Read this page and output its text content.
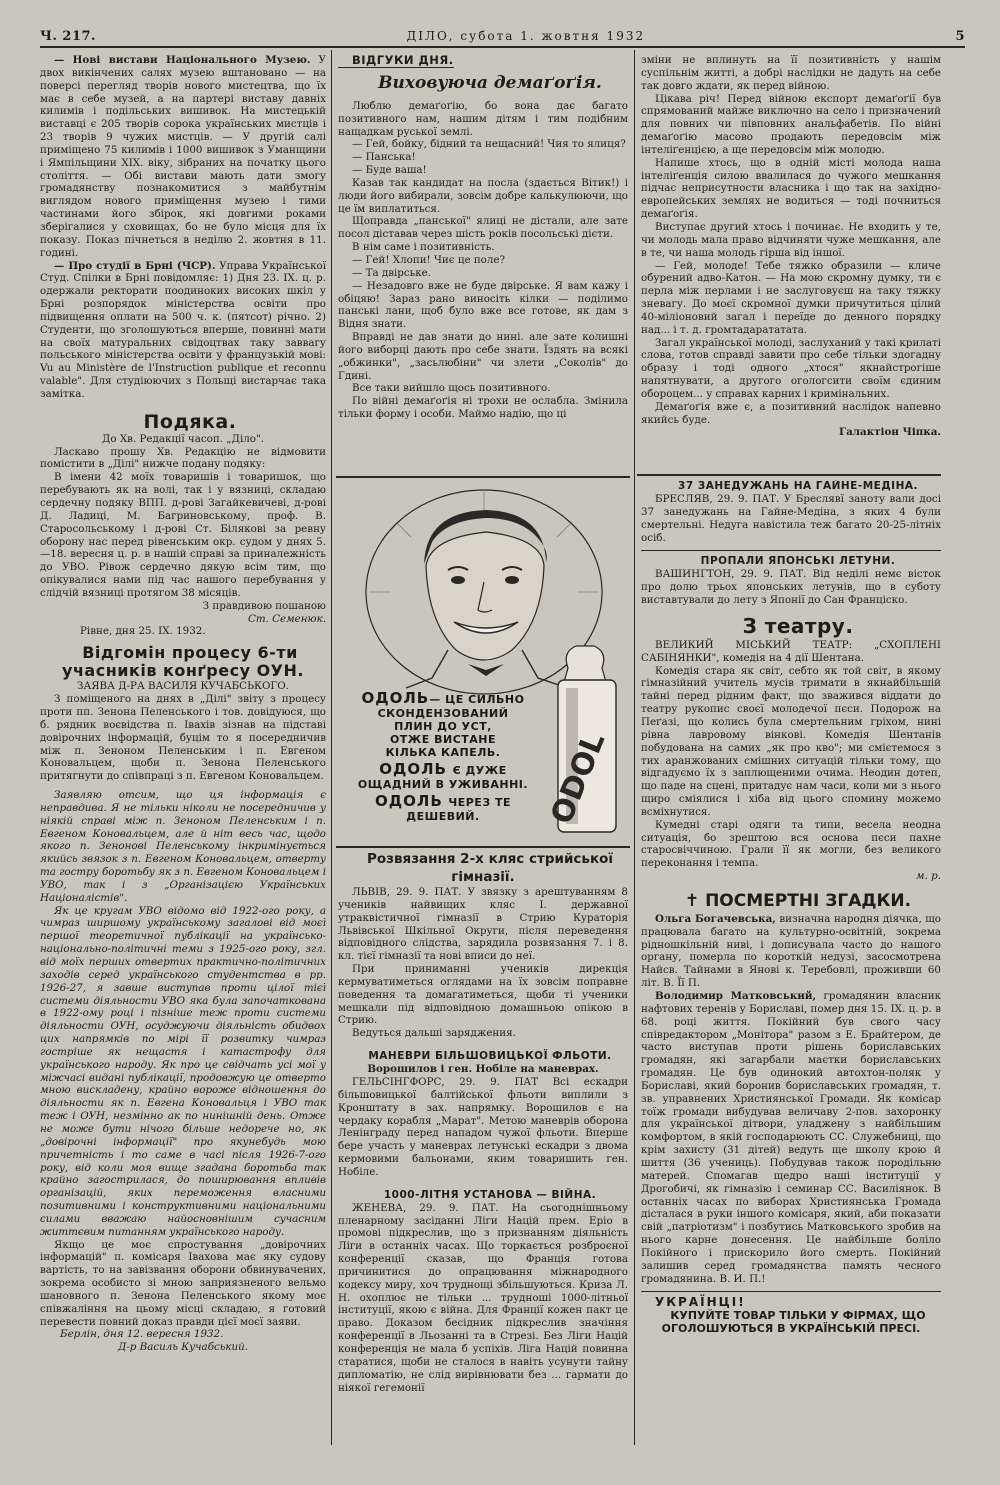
Ч. 217.	ДІЛО, субота 1. жовтня 1932	5

— Нові вистави Національного Музею. У двох викінчених салях музею вштановано — на поверсі перегляд творів нового мистецтва, що їх має в себе музей, а на партері виставу давніх килимів і подільських вишивок. На мистецькій виставці є 205 творів сорока українських мистців і 23 творів 9 чужих мистців. — У другій салі приміщено 75 килимів і 1000 вишивок з Уманщини і Ямпільщини XIX. віку, зібраних на початку цього століття. — Обі вистави мають дати змогу громадянству познакомитися з майбутнім виглядом нового приміщення музею і тими частинами його збірок, які довгими роками зберігалися у сховищах, бо не було місця для їх показу. Показ пічнеться в неділю 2. жовтня в 11. годині.

— Про студії в Брні (ЧСР). Управа Української Студ. Спілки в Брні повідомляє: 1) Дня 23. IX. ц. р. одержали ректорати поодиноких високих шкіл у Брні розпорядок міністерства освіти про підвищення оплати на 500 ч. к. (пятсот) річно. 2) Студенти, що зголошуються вперше, повинні мати на своїх матуральних свідоцтвах таку заввагу польського міністерства освіти у французькій мові: Vu au Ministère de l'Instruction publique et reconnu valable". Для студіюючих з Польщі вистарчає така замітка.

Подяка.

До Хв. Редакції часоп. „Діло".

Ласкаво прошу Хв. Редакцію не відмовити помістити в „Ділі" нижче подану подяку:

В імени 42 моїх товаришів і товаришок, що перебувають як на волі, так і у вязниці, складаю сердечну подяку ВПП. д-рові Загайкевичеві, д-рові Д. Ладиці, М. Багриновському, проф. В. Старосольському і д-рові Ст. Білякові за ревну оборону нас перед рівенським окр. судом у днях 5.—18. вересня ц. р. в нашій справі за приналежність до УВО. Рівож сердечно дякую всім тим, що опікувалися нами під час нашого перебування у слідчій вязниці протягом 38 місяців.

З правдивою пошаною

Ст. Семенюк.

Рівне, дня 25. IX. 1932.

Відгомін процесу 6-ти учасників конґресу ОУН.

ЗАЯВА Д-РА ВАСИЛЯ КУЧАБСЬКОГО.

З поміщеного на днях в „Ділі" звіту з процесу проти пп. Зенона Пеленського і тов. довідуюся, що б. рядник воєвідства п. Івахів зізнав на підставі довірочних інформацій, буцім то я посередничив між п. Зеноном Пеленським і п. Евгеном Коновальцем, щоби п. Зенона Пеленського притягнути до співпраці з п. Евгеном Коновальцем.

Заявляю отсим, що ця інформація є неправдива. Я не тільки ніколи не посередничив у ніякій справі між п. Зеноном Пеленським і п. Евгеном Коновальцем, але й ніт весь час, щодо якого п. Зенонові Пеленському інкримінується якийсь звязок з п. Евгеном Коновальцем, отверту та гостру боротьбу як з п. Евгеном Коновальцем і УВО, так і з „Організацією Українських Націоналістів".

Як це кругам УВО відомо від 1922-ого року, а чимраз ширшому українському загалові від моєї першої теоретичної публікації на українсько-національно-політичні теми з 1925-ого року, згл. від моїх перших отвертих практично-політичних заходів серед українського студентства в рр. 1926-27, я завше виступав проти цілої тієї системи діяльности УВО яка була започаткована в 1922-ому році і пізніше теж проти системи діяльности ОУН, осуджуючи діяльність обидвох цих напрямків по мірі її розвитку чимраз гостріше як нещастя і катастрофу для українського народу. Як про це свідчать усі мої у міжчасі видані публікації, продовжую це отверто мною вискладену, крайно вороже відношення до діяльности як п. Евгена Коновальця і УВО так теж і ОУН, незмінно ак по нинішній день. Отже не може бути нічого більше недорече но, як „довірочні інформації" про якунебудь мою причетність і то саме в часі після 1926-7-ого року, від коли моя вище згадана боротьба так крайно загострилася, до поширювання впливів організацій, яких переможення власними позитивними і конструктивними національними силами вважаю найосновнішим сучасним життєвим питанням українського народу.

Якщо це моє спростування „довірочних інформацій" п. комісаря Івахова має яку судову вартість, то на завізвання оборони обвинувачених, зокрема особисто зі мною заприязненого вельмо шановного п. Зенона Пеленського якому моє співжаління на цьому місці складаю, я готовий перевести повний доказ правди цієї моєї заяви.

Берлін, дня 12. вересня 1932.

Д-р Василь Кучабський.

ВІДГУКИ ДНЯ.

Виховуюча демаґоґія.

Люблю демаґоґію, бо вона дає багато позитивного нам, нашим дітям і тим подібним нащадкам руської землі.

— Гей, бойку, бідний та нещасний! Чия то ялиця?

— Панська!

— Буде ваша!

Казав так кандидат на посла (здається Вітик!) і люди його вибирали, зовсім добре калькулюючи, що це їм виплатиться.

Щоправда „панської" ялиці не дістали, але зате посол діставав через шість років посольські дієти.

В нім саме і позитивність.

— Гей! Хлопи! Чиє це поле?

— Та двірське.

— Незадовго вже не буде двірське. Я вам кажу і обіцяю! Зараз рано виносіть кілки — поділимо панські лани, щоб було вже все готове, як дам з Відня знати.

Вправді не дав знати до нині. але зате колишні його виборці дають про себе знати. Їздять на всякі „обжинки", „засьлюбіни" чи злети „Соколів" до Гдині.

Все таки вийшло щось позитивного.

По війні демаґоґія ні трохи не ослабла. Змінила тільки форму і особи. Маймо надію, що ці

ODOL
ОДОЛЬ— ЦЕ СИЛЬНО
СКОНДЕНЗОВАНИЙ
ПЛИН ДО УСТ,
ОТЖЕ ВИСТАНЕ
КІЛЬКА КАПЕЛЬ.
ОДОЛЬ Є ДУЖЕ
ОЩАДНИЙ В УЖИВАННІ.
ОДОЛЬ ЧЕРЕЗ ТЕ
ДЕШЕВИЙ.

Розвязання 2-х кляс стрийської гімназії.

ЛЬВІВ, 29. 9. ПАТ. У звязку з арештуванням 8 учеників найвищих кляс І. державної утраквістичної гімназії в Стрию Кураторія Львівської Шкільної Округи, після переведення відповідного слідства, зарядила розвязання 7. і 8. кл. тієї гімназії та нові вписи до неї.

При приниманні учеників дирекція кермуватиметься оглядами на їх зовсім поправне поведення та домагатиметься, щоби ті ученики мешкали під відповідною домашньою опікою в Стрию.

Ведуться дальші заряджения.

МАНЕВРИ БІЛЬШОВИЦЬКОЇ ФЛЬОТИ.

Ворошилов і ген. Нобіле на маневрах.

ГЕЛЬСІНГФОРС, 29. 9. ПАТ Всі ескадри більшовицької балтійської фльоти виплили з Кронштату в зах. напрямку. Ворошилов є на чердаку корабля „Марат". Метою маневрів оборона Ленінграду перед нападом чужої фльоти. Вперше бере участь у маневрах летунські ескадри з двома кермовими бальонами, яким товаришить ген. Нобіле.

1000-ЛІТНЯ УСТАНОВА — ВІЙНА.

ЖЕНЕВА, 29. 9. ПАТ. На сьогоднішньому пленарному засіданні Ліги Націй прем. Еріо в промові підкреслив, що з признанням діяльність Ліги в останніх часах. Що торкається розброєної конференції сказав, що Франція готова причинитися до опрацювання міжнародного кодексу миру, хоч труднощі збільшуються. Криза Л. Н. охоплює не тільки ... трудноші 1000-літньої інституції, якою є війна. Для Франції кожен пакт це право. Доказом бесідник підкреслив значіння конференції в Льозанні та в Стрезі. Без Ліги Націй конференція не мала б успіхів. Ліга Націй повинна старатися, щоби не сталося в навіть усунути тайну дипломатію, не слід вирівнювати без ... гармати до ніякої гегемонії

зміни не вплинуть на її позитивність у нашім суспільнім житті, а добрі наслідки не дадуть на себе так довго ждати, як перед війною.

Цікава річ! Перед війною експорт демаґоґії був спрямований майже виключно на село і призначений для повних чи півповних анальфабетів. По війні демаґоґію масово продають передовсім між інтеліґенцією, а ще передовсім між молодю.

Напише хтось, що в одній місті молода наша інтеліґенція силою ввалилася до чужого мешкання підчас неприсутности власника і що так на західно-европейських землях не водиться — тоді почниться демаґоґія.

Виступає другий хтось і починає. Не входить у те, чи молодь мала право відчиняти чуже мешкання, але в те, чи наша молодь гірша від іншої.

— Гей, молоде! Тебе тяжко образили — кличе обурений адво-Катон. — На мою скромну думку, ти є перла між перлами і не заслуговуєш на таку тяжку зневагу. До моєї скромної думки причутиться цілий 40-міліоновий загал і переїде до денного порядку над... і т. д. громтадарататата.

Загал української молоді, заслуханий у такі крилаті слова, готов справді завити про себе тільки здогадну образу і тоді одного „хтося" якнайстрогіше напятнувати, а другого огологсити своїм єдиним обороцем... у справах карних і кримінальних.

Демаґоґія вже є, а позитивний наслідок напевно якийсь буде.

Галактіон Чіпка.

37 ЗАНЕДУЖАНЬ НА ГАЙНЕ-МЕДІНА.

БРЕСЛЯВ, 29. 9. ПАТ. У Бреслявї заноту вали досі 37 занедужань на Гайне-Медіна, з яких 4 були смертельні. Недуга навістила теж багато 20-25-літніх осіб.

ПРОПАЛИ ЯПОНСЬКІ ЛЕТУНИ.

ВАШИНГТОН, 29. 9. ПАТ. Від неділі немє вісток про долю трьох японських летунів, що в суботу виставтували до лету з Японії до Сан Франціско.

З театру.

ВЕЛИКИЙ МІСЬКИЙ ТЕАТР: „СХОПЛЕНІ САБІНЯНКИ", комедія на 4 дії Шентана.

Комедія стара як світ, себто як той світ, в якому гімназійний учитель мусів тримати в якнайбільшій тайні перед рідним факт, що зважився віддати до театру рукопис своєї молодечої пєси. Подорож на Пеґазі, що колись була смертельним гріхом, нині рівна лавровому вінкові. Комедія Шентанів побудована на самих „як про кво"; ми смієтемося з тих аранжованих смішних ситуацій тільки тому, що відгадуємо їх з заплющеними очима. Неодин дотеп, що паде на сцені, притадує нам часи, коли ми з нього щиро сміялися і хіба від цього спомину можемо всміхнутися.

Кумедні старі одяги та типи, весела неодна ситуація, бо зрештою вся основа пєси пахне старосвіччиною. Грали її як могли, без великого переконання і темпа.

м. р.

✝ ПОСМЕРТНІ ЗГАДКИ.

Ольга Богачевська, визначна народня діячка, що працювала багато на культурно-освітній, зокрема рідношкільній ниві, і дописувала часто до нашого органу, померла по короткій недузі, засосмотрена Найсв. Тайнами в Янові к. Теребовлі, проживши 60 літ. В. Її П.

Володимир Матковський, громадянин власник нафтових теренів у Бориславі, помер дня 15. IX. ц. р. в 68. році життя. Покійний був свого часу співредактором „Монітора" разом з Е. Брайтером, де часто виступав проти рішень бориславських громадян, які загарбали маєтки бориславських громадян. Це був одинокий автохтон-поляк у Бориславі, який боронив бориславських громадян, т. зв. управнених Християнської Громади. Як комісар тоїж громади вибудував величаву 2-пов. захоронку для української дітвори, уладжену з найбільшим комфортом, в якій господарюють СС. Служебниці, що крім захисту (31 дітей) ведуть ще школу крою й шиття (36 учениць). Побудував також породільню матерей. Спомагав щедро наші інституції у Дрогобичі, як гімназію і семинар СС. Василіянок. В останніх часах по виборах Християнська Громада дісталася в руки іншого комісаря, який, аби показати свій „патріотизм" і позбутись Матковського зробив на нього карне донесення. Це найбільше боліло Покійного і прискорило його смерть. Покійний залишив серед громадянства память чесного громадянина. В. И. П.!

УКРАЇНЦІ!

КУПУЙТЕ ТОВАР ТІЛЬКИ У ФІРМАХ, ЩО ОГОЛОШУЮТЬСЯ В УКРАЇНСЬКІЙ ПРЕСІ.
